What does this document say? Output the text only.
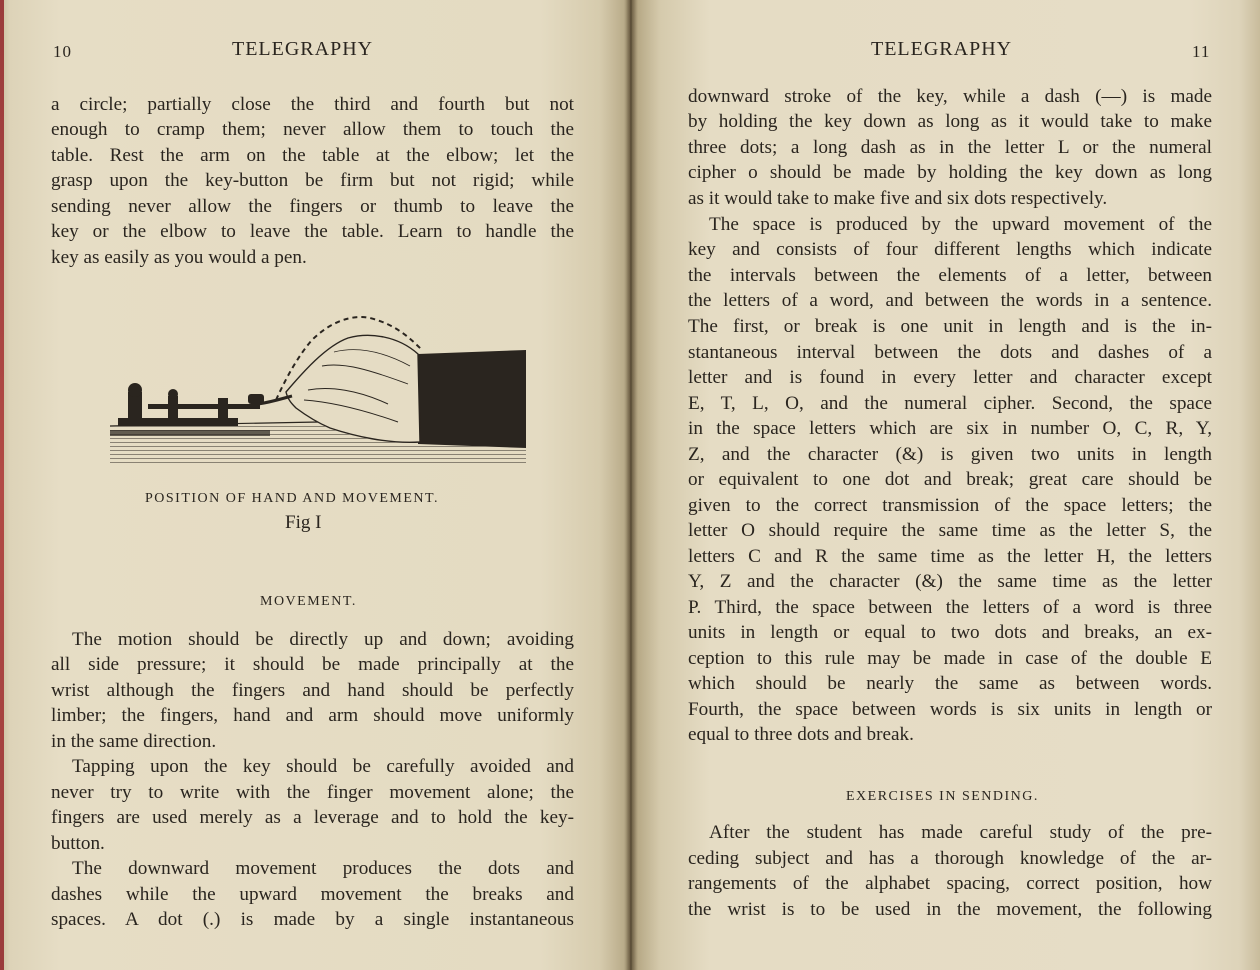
10	TELEGRAPHY
a circle; partially close the third and fourth but not
enough to cramp them; never allow them to touch the
table. Rest the arm on the table at the elbow; let the
grasp upon the key-button be firm but not rigid; while
sending never allow the fingers or thumb to leave the
key or the elbow to leave the table. Learn to handle the
key as easily as you would a pen.
POSITION OF HAND AND MOVEMENT.
Fig I
MOVEMENT.
The motion should be directly up and down; avoiding
all side pressure; it should be made principally at the
wrist although the fingers and hand should be perfectly
limber; the fingers, hand and arm should move uniformly
in the same direction.
Tapping upon the key should be carefully avoided and
never try to write with the finger movement alone; the
fingers are used merely as a leverage and to hold the key-
button.
The downward movement produces the dots and
dashes while the upward movement the breaks and
spaces. A dot (.) is made by a single instantaneous
TELEGRAPHY	11
downward stroke of the key, while a dash (—) is made
by holding the key down as long as it would take to make
three dots; a long dash as in the letter L or the numeral
cipher o should be made by holding the key down as long
as it would take to make five and six dots respectively.
The space is produced by the upward movement of the
key and consists of four different lengths which indicate
the intervals between the elements of a letter, between
the letters of a word, and between the words in a sentence.
The first, or break is one unit in length and is the in-
stantaneous interval between the dots and dashes of a
letter and is found in every letter and character except
E, T, L, O, and the numeral cipher. Second, the space
in the space letters which are six in number O, C, R, Y,
Z, and the character (&) is given two units in length
or equivalent to one dot and break; great care should be
given to the correct transmission of the space letters; the
letter O should require the same time as the letter S, the
letters C and R the same time as the letter H, the letters
Y, Z and the character (&) the same time as the letter
P. Third, the space between the letters of a word is three
units in length or equal to two dots and breaks, an ex-
ception to this rule may be made in case of the double E
which should be nearly the same as between words.
Fourth, the space between words is six units in length or
equal to three dots and break.
EXERCISES IN SENDING.
After the student has made careful study of the pre-
ceding subject and has a thorough knowledge of the ar-
rangements of the alphabet spacing, correct position, how
the wrist is to be used in the movement, the following
